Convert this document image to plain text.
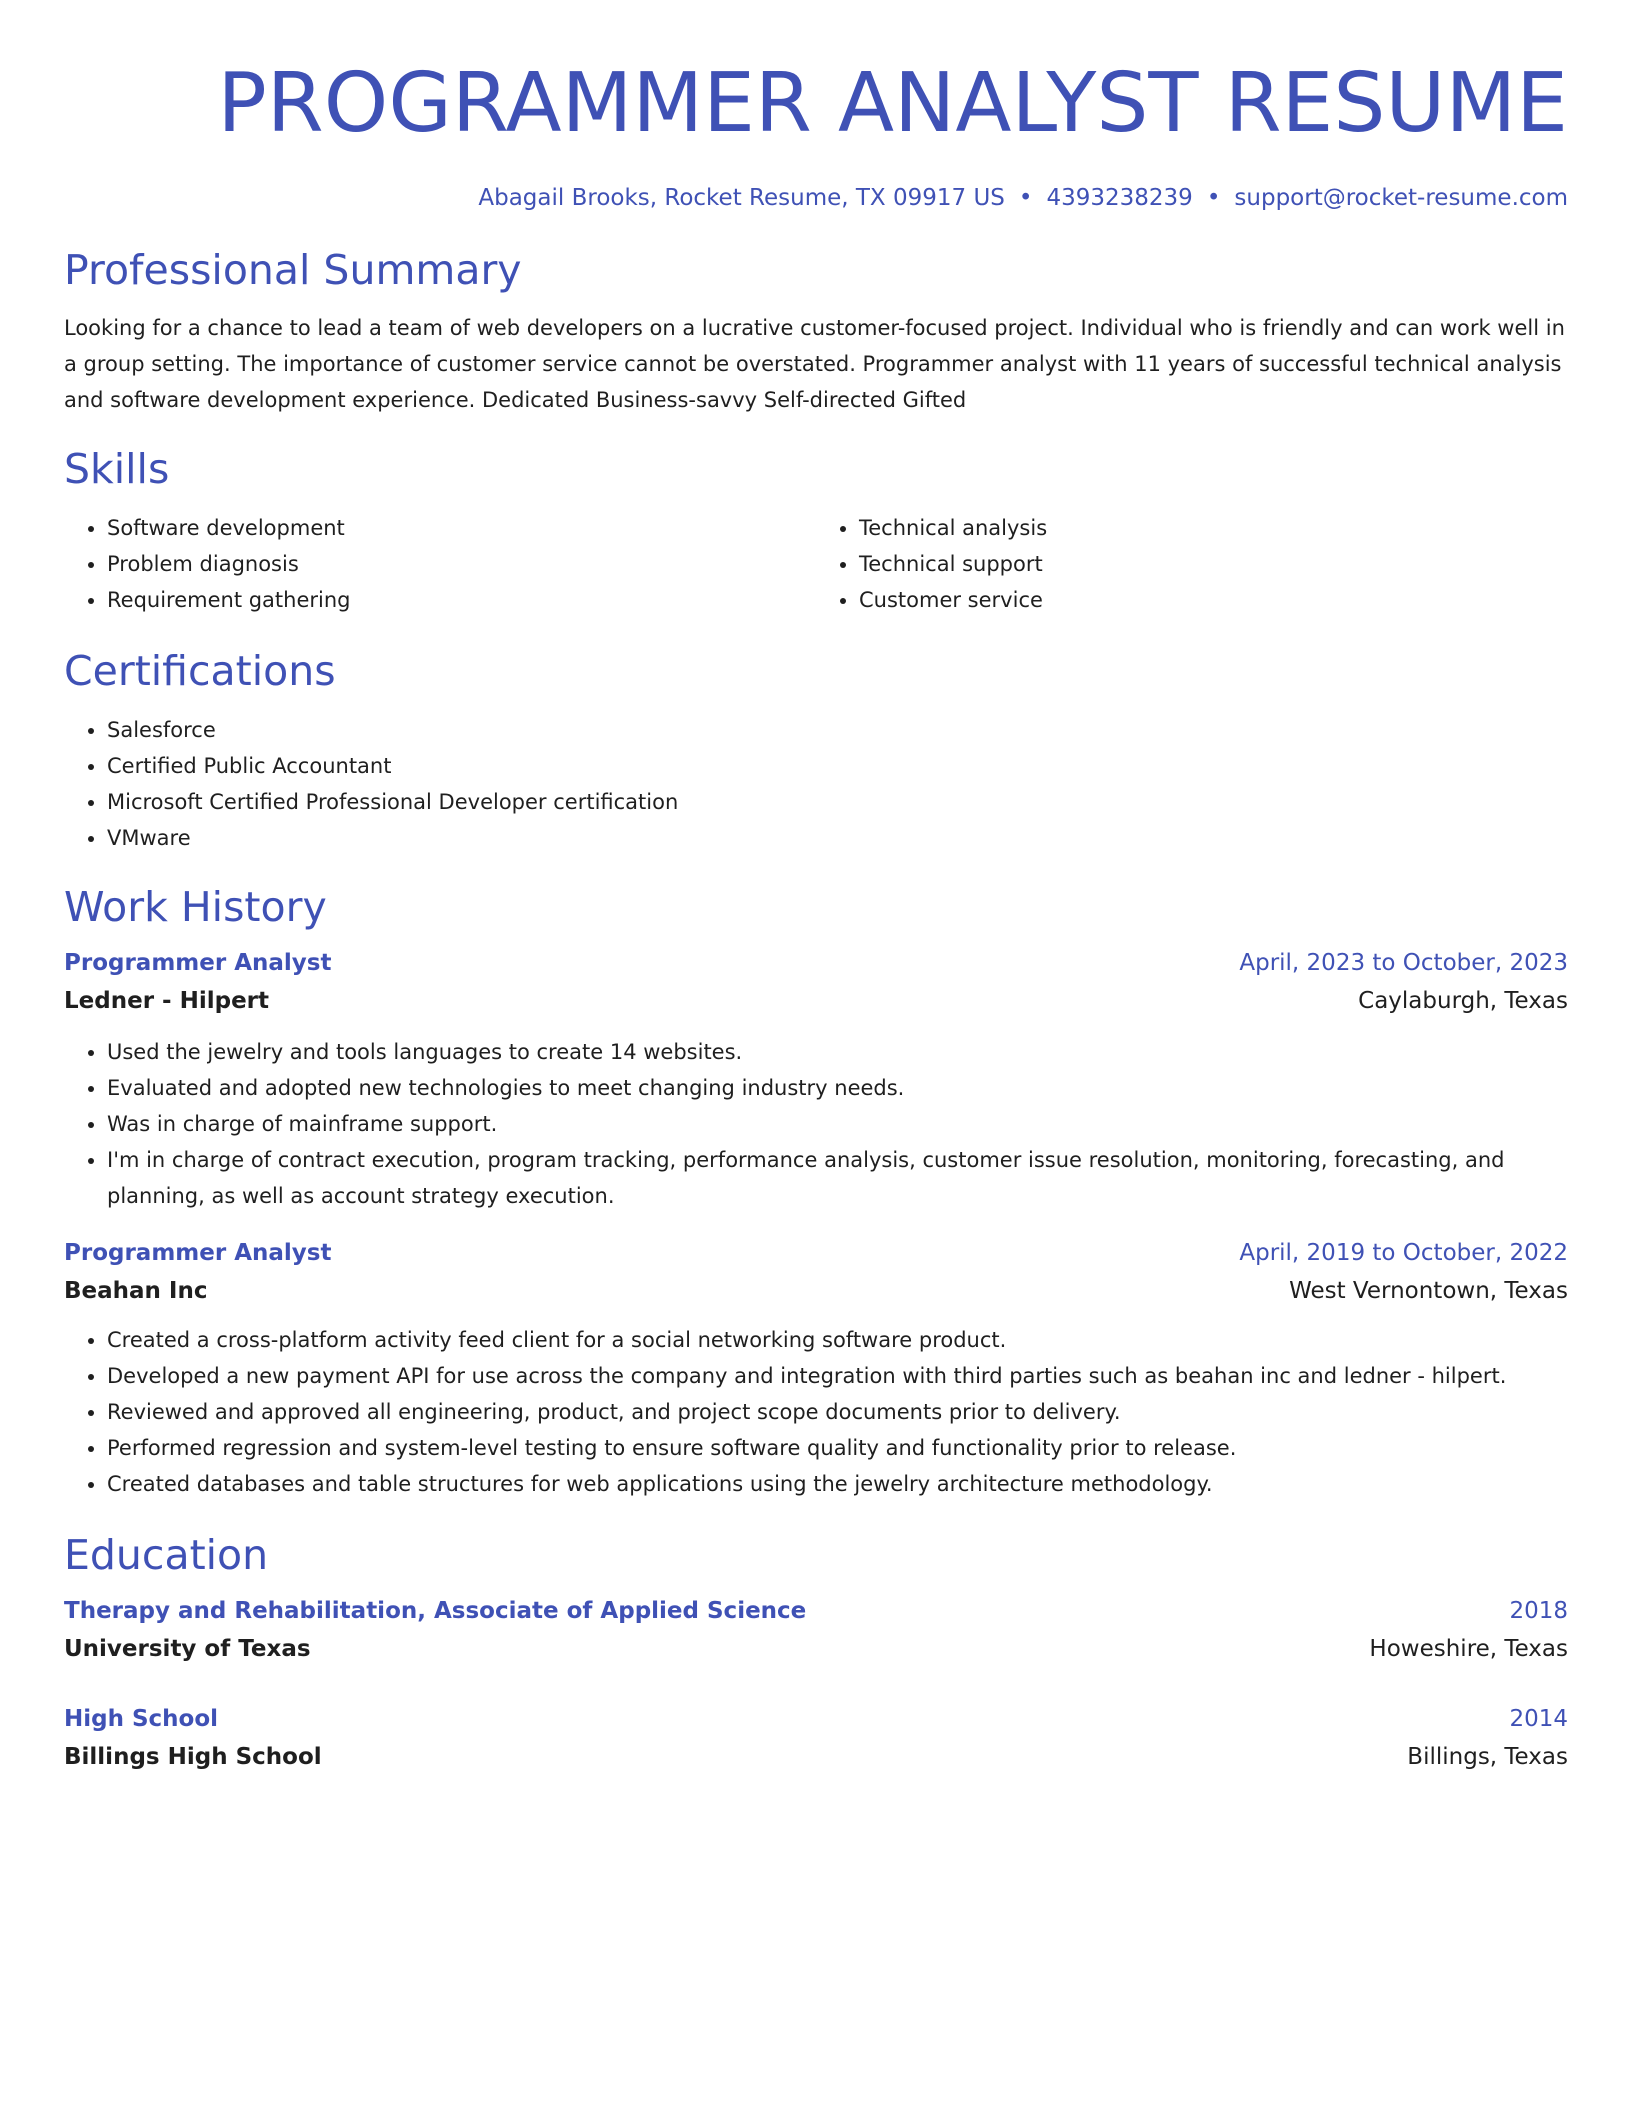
PROGRAMMER ANALYST RESUME
Abagail Brooks, Rocket Resume, TX 09917 US • 4393238239 • support@rocket-resume.com
Professional Summary

Looking for a chance to lead a team of web developers on a lucrative customer-focused project. Individual who is friendly and can work well in a group setting. The importance of customer service cannot be overstated. Programmer analyst with 11 years of successful technical analysis and software development experience. Dedicated Business-savvy Self-directed Gifted

Skills
• Software development
• Problem diagnosis
• Requirement gathering
• Technical analysis
• Technical support
• Customer service
Certifications
• Salesforce
• Certified Public Accountant
• Microsoft Certified Professional Developer certification
• VMware
Work History
Programmer Analyst	April, 2023 to October, 2023
Ledner - Hilpert	Caylaburgh, Texas
• Used the jewelry and tools languages to create 14 websites.
• Evaluated and adopted new technologies to meet changing industry needs.
• Was in charge of mainframe support.
• I'm in charge of contract execution, program tracking, performance analysis, customer issue resolution, monitoring, forecasting, and planning, as well as account strategy execution.
Programmer Analyst	April, 2019 to October, 2022
Beahan Inc	West Vernontown, Texas
• Created a cross-platform activity feed client for a social networking software product.
• Developed a new payment API for use across the company and integration with third parties such as beahan inc and ledner - hilpert.
• Reviewed and approved all engineering, product, and project scope documents prior to delivery.
• Performed regression and system-level testing to ensure software quality and functionality prior to release.
• Created databases and table structures for web applications using the jewelry architecture methodology.
Education
Therapy and Rehabilitation, Associate of Applied Science	2018
University of Texas	Howeshire, Texas
High School	2014
Billings High School	Billings, Texas
